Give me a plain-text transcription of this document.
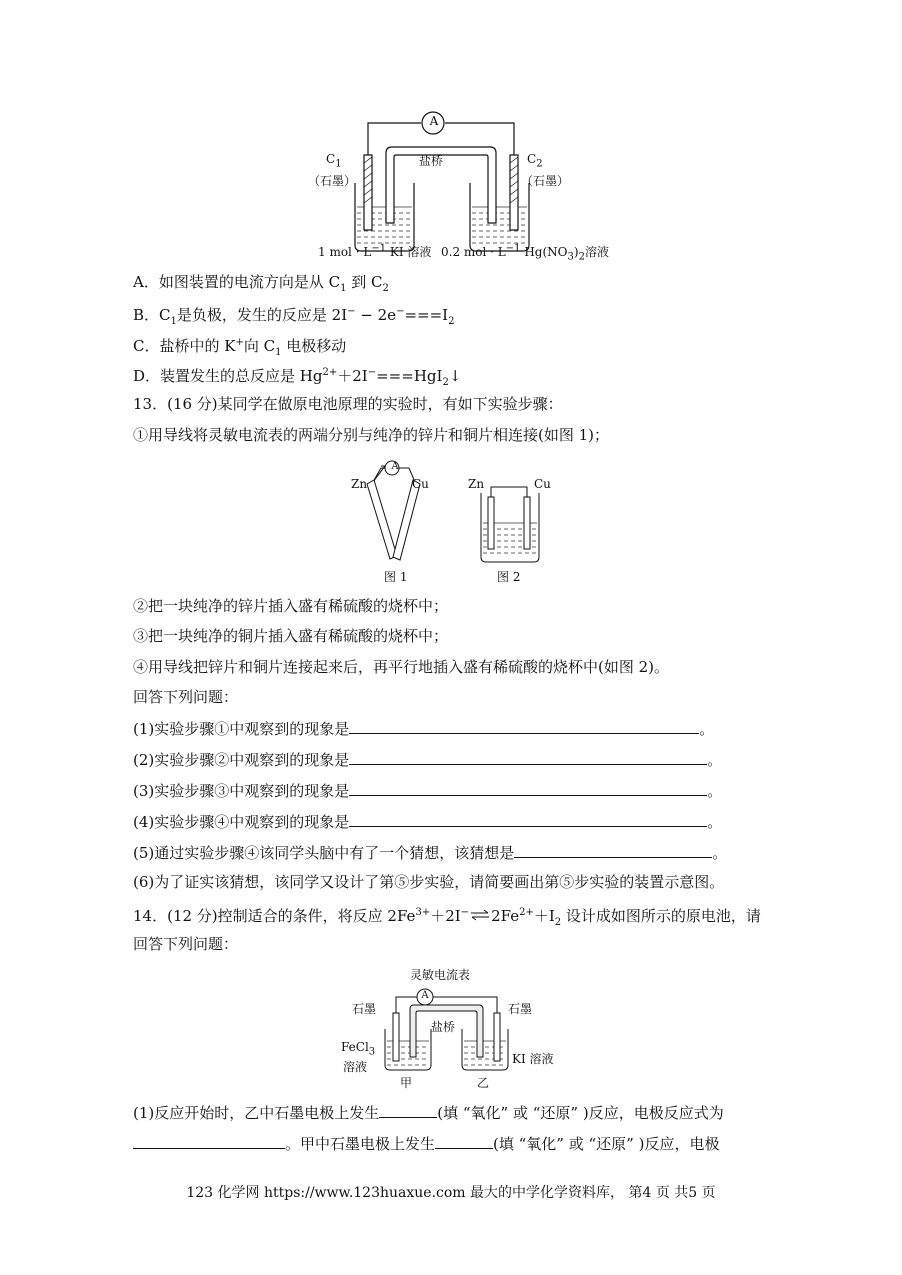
A
盐桥
$C_1$
（石墨）
$C_2$
（石墨）
1 mol · $L^{-1}$ KI 溶液 0.2 mol · $L^{-1}$ $Hg(NO_3)_2$溶液
A．如图装置的电流方向是从 $C_1$ 到 $C_2$
B．$C_1$是负极，发生的反应是 $2I^- - 2e^-===I_2$
C．盐桥中的 K+向 $C_1$ 电极移动
D．装置发生的总反应是 $Hg^{2+}+2I^-===HgI_2↓$
13．(16 分)某同学在做原电池原理的实验时，有如下实验步骤：
①用导线将灵敏电流表的两端分别与纯净的锌片和铜片相连接(如图 1)；
A
Zn	Cu
图 1
Zn	Cu
图 2
②把一块纯净的锌片插入盛有稀硫酸的烧杯中；
③把一块纯净的铜片插入盛有稀硫酸的烧杯中；
④用导线把锌片和铜片连接起来后，再平行地插入盛有稀硫酸的烧杯中(如图 2)。
回答下列问题：
(1)实验步骤①中观察到的现象是	。
(2)实验步骤②中观察到的现象是	。
(3)实验步骤③中观察到的现象是	。
(4)实验步骤④中观察到的现象是	。
(5)通过实验步骤④该同学头脑中有了一个猜想，该猜想是	。
(6)为了证实该猜想，该同学又设计了第⑤步实验，请简要画出第⑤步实验的装置示意图。
14．(12 分)控制适合的条件，将反应 $2Fe^{3+}+2I^-\rightleftharpoons 2Fe^{2+}+I_2$ 设计成如图所示的原电池，请
回答下列问题：
灵敏电流表
A
石墨	石墨
盐桥
FeCl$_3$
溶液
KI 溶液
甲	乙
(1)反应开始时，乙中石墨电极上发生	(填 “氧化” 或 “还原” )反应，电极反应式为
。甲中石墨电极上发生	(填 “氧化” 或 “还原” )反应，电极
123 化学网 https://www.123huaxue.com 最大的中学化学资料库， 第4 页 共5 页
